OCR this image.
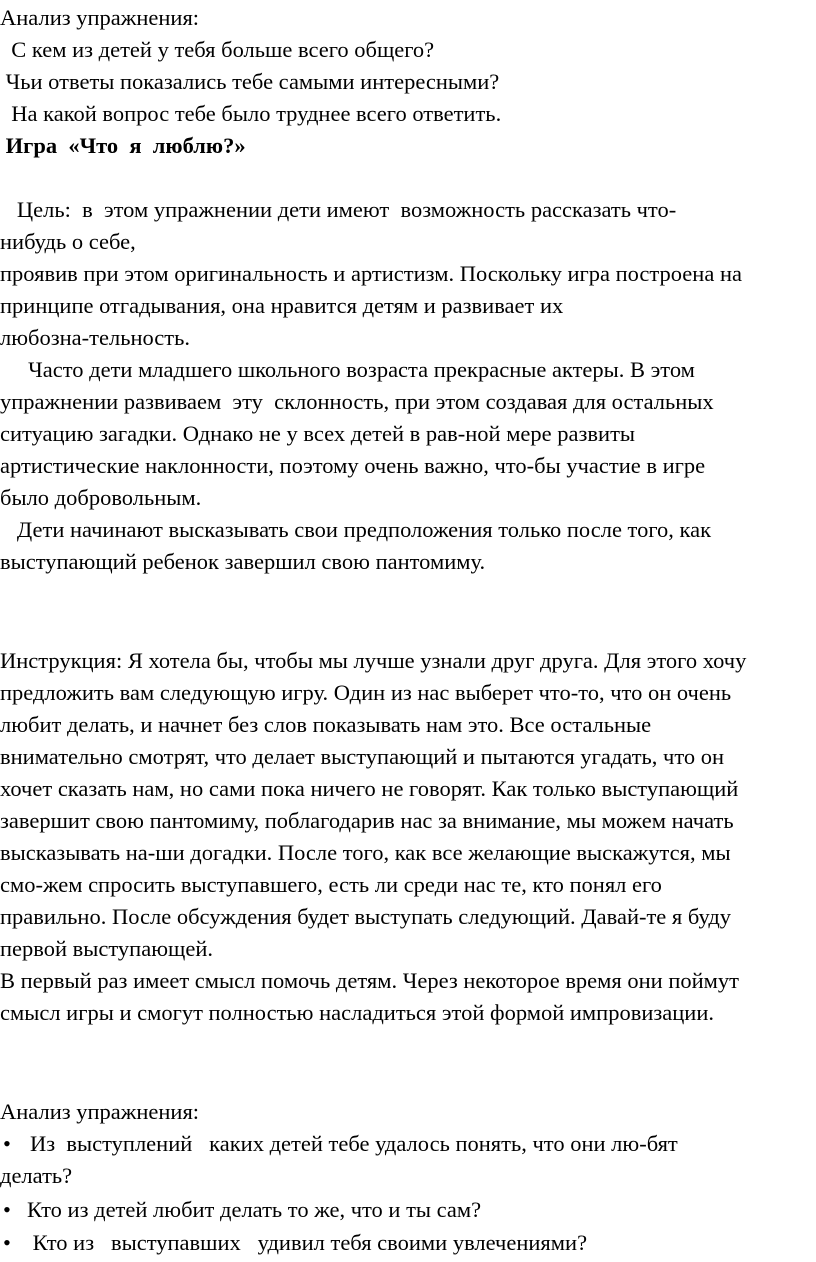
Анализ упражнения:
С кем из детей у тебя больше всего общего?
Чьи ответы показались тебе самыми интересными?
На какой вопрос тебе было труднее всего ответить.
Игра  «Что  я  люблю?»
Цель:  в  этом упражнении дети имеют  возможность рассказать что-
нибудь о себе,
проявив при этом оригинальность и артистизм. Поскольку игра построена на
принципе отгадывания, она нравится детям и развивает их
любозна-тельность.
Часто дети младшего школьного возраста прекрасные актеры. В этом
упражнении развиваем  эту  склонность, при этом создавая для остальных
ситуацию загадки. Однако не у всех детей в рав-ной мере развиты
артистические наклонности, поэтому очень важно, что-бы участие в игре
было добровольным.
Дети начинают высказывать свои предположения только после того, как
выступающий ребенок завершил свою пантомиму.
Инструкция: Я хотела бы, чтобы мы лучше узнали друг друга. Для этого хочу
предложить вам следующую игру. Один из нас выберет что-то, что он очень
любит делать, и начнет без слов показывать нам это. Все остальные
внимательно смотрят, что делает выступающий и пытаются угадать, что он
хочет сказать нам, но сами пока ничего не говорят. Как только выступающий
завершит свою пантомиму, поблагодарив нас за внимание, мы можем начать
высказывать на-ши догадки. После того, как все желающие выскажутся, мы
смо-жем спросить выступавшего, есть ли среди нас те, кто понял его
правильно. После обсуждения будет выступать следующий. Давай-те я буду
первой выступающей.
В первый раз имеет смысл помочь детям. Через некоторое время они поймут
смысл игры и смогут полностью насладиться этой формой импровизации.
Анализ упражнения:
• Из  выступлений   каких детей тебе удалось понять, что они лю-бят
делать?
• Кто из детей любит делать то же, что и ты сам?
• Кто из   выступавших   удивил тебя своими увлечениями?
